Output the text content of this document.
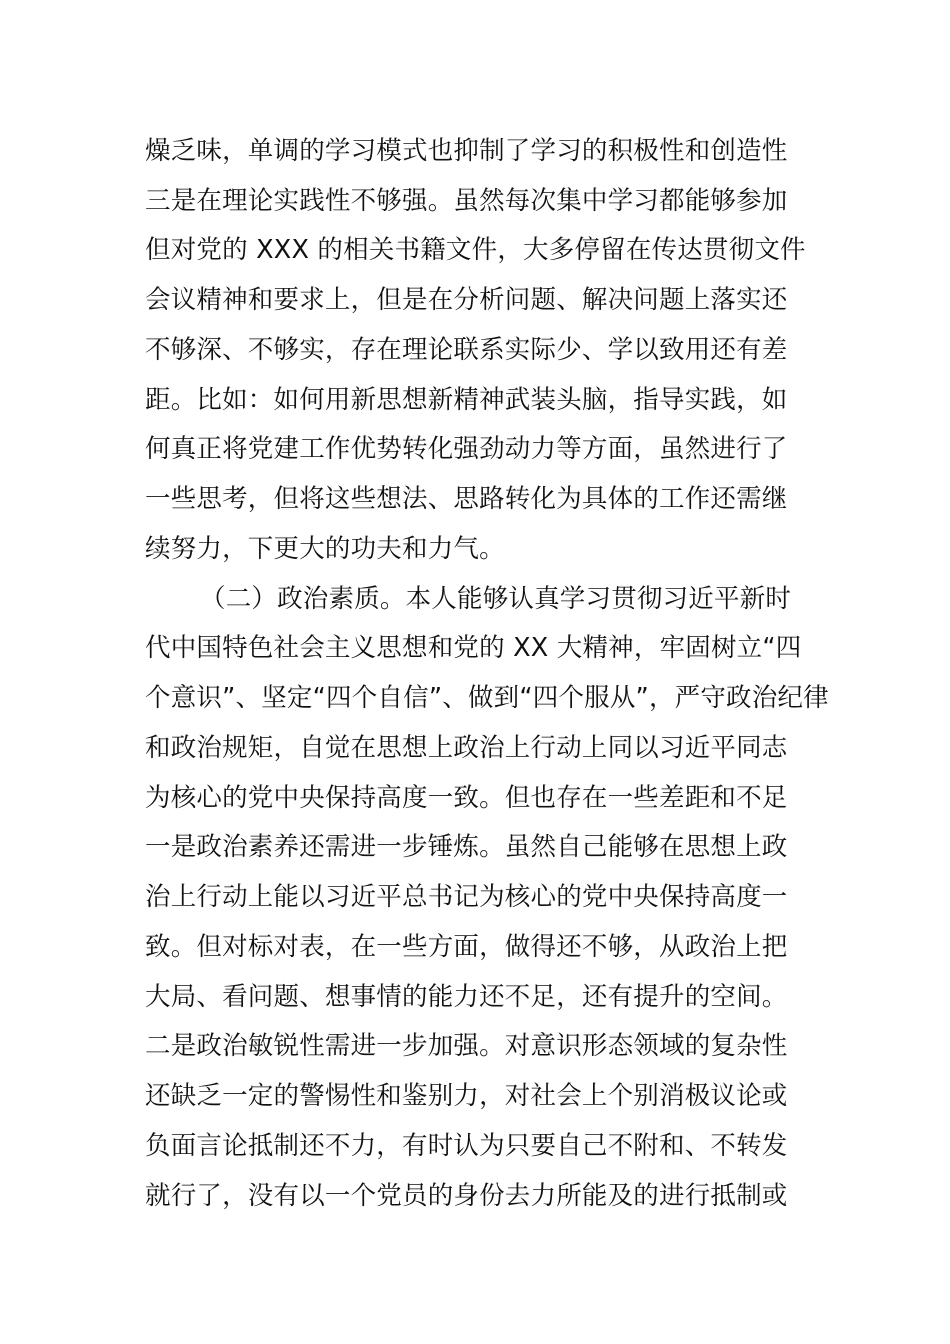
燥乏味，单调的学习模式也抑制了学习的积极性和创造性
三是在理论实践性不够强。虽然每次集中学习都能够参加
但对党的 XXX 的相关书籍文件，大多停留在传达贯彻文件
会议精神和要求上，但是在分析问题、解决问题上落实还
不够深、不够实，存在理论联系实际少、学以致用还有差
距。比如：如何用新思想新精神武装头脑，指导实践，如
何真正将党建工作优势转化强劲动力等方面，虽然进行了
一些思考，但将这些想法、思路转化为具体的工作还需继
续努力，下更大的功夫和力气。
（二）政治素质。本人能够认真学习贯彻习近平新时
代中国特色社会主义思想和党的 XX 大精神，牢固树立“四
个意识”、坚定“四个自信”、做到“四个服从”，严守政治纪律
和政治规矩，自觉在思想上政治上行动上同以习近平同志
为核心的党中央保持高度一致。但也存在一些差距和不足
一是政治素养还需进一步锤炼。虽然自己能够在思想上政
治上行动上能以习近平总书记为核心的党中央保持高度一
致。但对标对表，在一些方面，做得还不够，从政治上把
大局、看问题、想事情的能力还不足，还有提升的空间。
二是政治敏锐性需进一步加强。对意识形态领域的复杂性
还缺乏一定的警惕性和鉴别力，对社会上个别消极议论或
负面言论抵制还不力，有时认为只要自己不附和、不转发
就行了，没有以一个党员的身份去力所能及的进行抵制或
